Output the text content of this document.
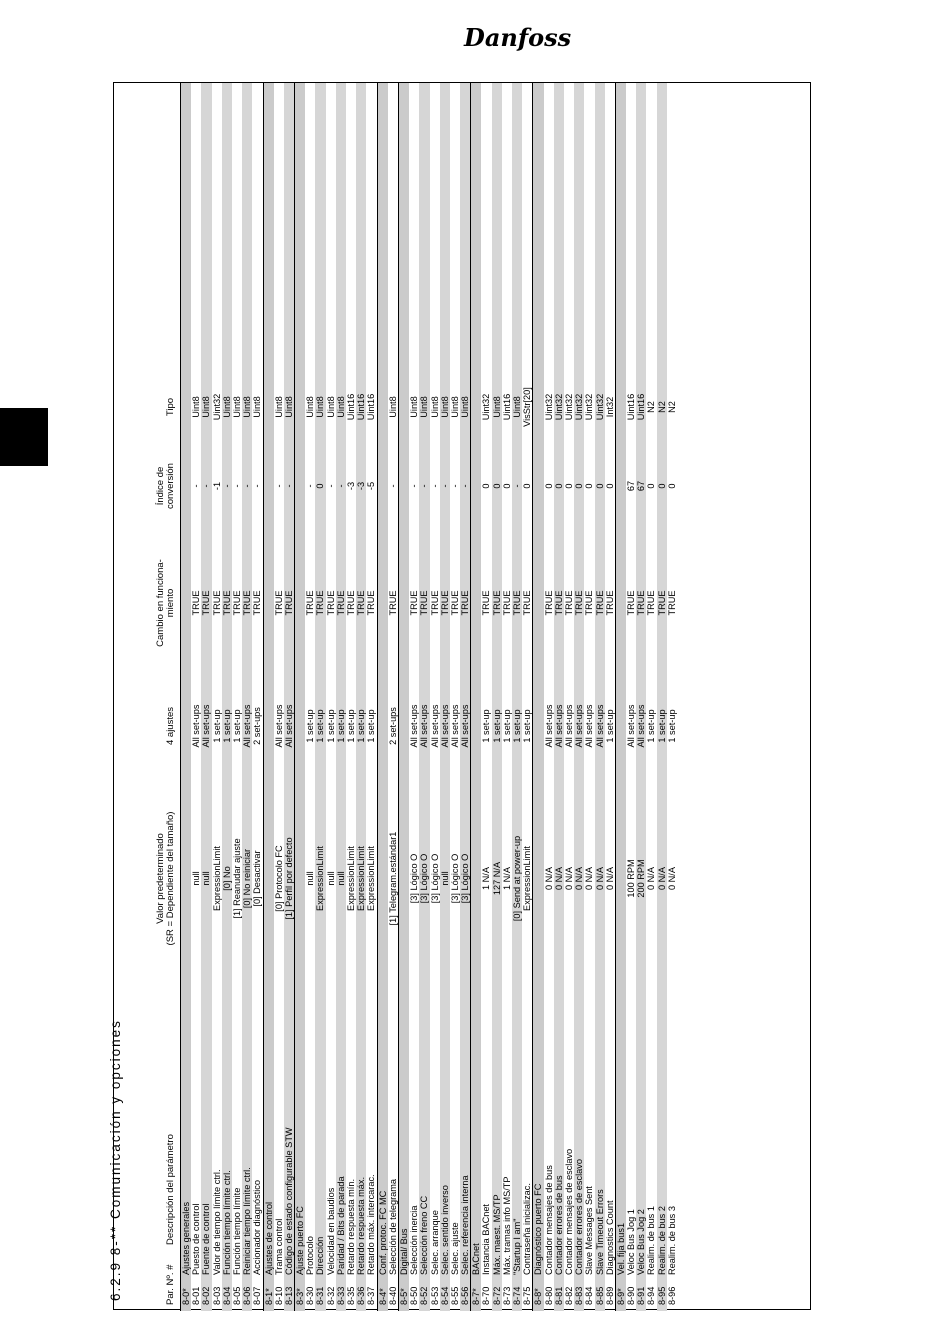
Danfoss
6.2.9 8-** Comunicación y opciones	Par. Nº. #
Descripción del parámetro
Valor predeterminado (SR = Dependiente del tamaño)
4 ajustes
Cambio en funciona- miento
Índice de conversión
Tipo
8-0*
Ajustes generales
8-01
Puesto de control
null
All set-ups
TRUE
-
Uint8
8-02
Fuente de control
null
All set-ups
TRUE
-
Uint8
8-03
Valor de tiempo límite ctrl.
ExpressionLimit
1 set-up
TRUE
-1
Uint32
8-04
Función tiempo límite ctrl.
[0] No
1 set-up
TRUE
-
Uint8
8-05
Función tiempo límite
[1] Reanudar ajuste
1 set-up
TRUE
-
Uint8
8-06
Reiniciar tiempo límite ctrl.
[0] No reiniciar
All set-ups
TRUE
-
Uint8
8-07
Accionador diagnóstico
[0] Desactivar
2 set-ups
TRUE
-
Uint8
8-1*
Ajustes de control
8-10
Trama control
[0] Protocolo FC
All set-ups
TRUE
-
Uint8
8-13
Código de estado configurable STW
[1] Perfil por defecto
All set-ups
TRUE
-
Uint8
8-3*
Ajuste puerto FC
8-30
Protocolo
null
1 set-up
TRUE
-
Uint8
8-31
Dirección
ExpressionLimit
1 set-up
TRUE
0
Uint8
8-32
Velocidad en baudios
null
1 set-up
TRUE
-
Uint8
8-33
Paridad / Bits de parada
null
1 set-up
TRUE
-
Uint8
8-35
Retardo respuesta mín.
ExpressionLimit
1 set-up
TRUE
-3
Uint16
8-36
Retardo respuesta máx.
ExpressionLimit
1 set-up
TRUE
-3
Uint16
8-37
Retardo máx. intercarac.
ExpressionLimit
1 set-up
TRUE
-5
Uint16
8-4*
Conf. protoc. FC MC
8-40
Selección de telegrama
[1] Telegram.estándar1
2 set-ups
TRUE
-
Uint8
8-5*
Digital/ Bus
8-50
Selección inercia
[3] Lógico O
All set-ups
TRUE
-
Uint8
8-52
Selección freno CC
[3] Lógico O
All set-ups
TRUE
-
Uint8
8-53
Selec. arranque
[3] Lógico O
All set-ups
TRUE
-
Uint8
8-54
Selec. sentido inverso
null
All set-ups
TRUE
-
Uint8
8-55
Selec. ajuste
[3] Lógico O
All set-ups
TRUE
-
Uint8
8-56
Selec. referencia interna
[3] Lógico O
All set-ups
TRUE
-
Uint8
8-7*
BACnet
8-70
Instancia BACnet
1 N/A
1 set-up
TRUE
0
Uint32
8-72
Máx. maest. MS/TP
127 N/A
1 set-up
TRUE
0
Uint8
8-73
Máx. tramas info MS/TP
1 N/A
1 set-up
TRUE
0
Uint16
8-74
"Startup I am"
[0] Send at power-up
1 set-up
TRUE
-
Uint8
8-75
Contraseña inicializac.
ExpressionLimit
1 set-up
TRUE
0
VisStr[20]
8-8*
Diagnóstico puerto FC
8-80
Contador mensajes de bus
0 N/A
All set-ups
TRUE
0
Uint32
8-81
Contador errores de bus
0 N/A
All set-ups
TRUE
0
Uint32
8-82
Contador mensajes de esclavo
0 N/A
All set-ups
TRUE
0
Uint32
8-83
Contador errores de esclavo
0 N/A
All set-ups
TRUE
0
Uint32
8-84
Slave Messages Sent
0 N/A
All set-ups
TRUE
0
Uint32
8-85
Slave Timeout Errors
0 N/A
All set-ups
TRUE
0
Uint32
8-89
Diagnostics Count
0 N/A
1 set-up
TRUE
0
Int32
8-9*
Vel. fija bus1
8-90
Veloc Bus Jog 1
100 RPM
All set-ups
TRUE
67
Uint16
8-91
Veloc Bus Jog 2
200 RPM
All set-ups
TRUE
67
Uint16
8-94
Realim. de bus 1
0 N/A
1 set-up
TRUE
0
N2
8-95
Realim. de bus 2
0 N/A
1 set-up
TRUE
0
N2
8-96
Realim. de bus 3
0 N/A
1 set-up
TRUE
0
N2
